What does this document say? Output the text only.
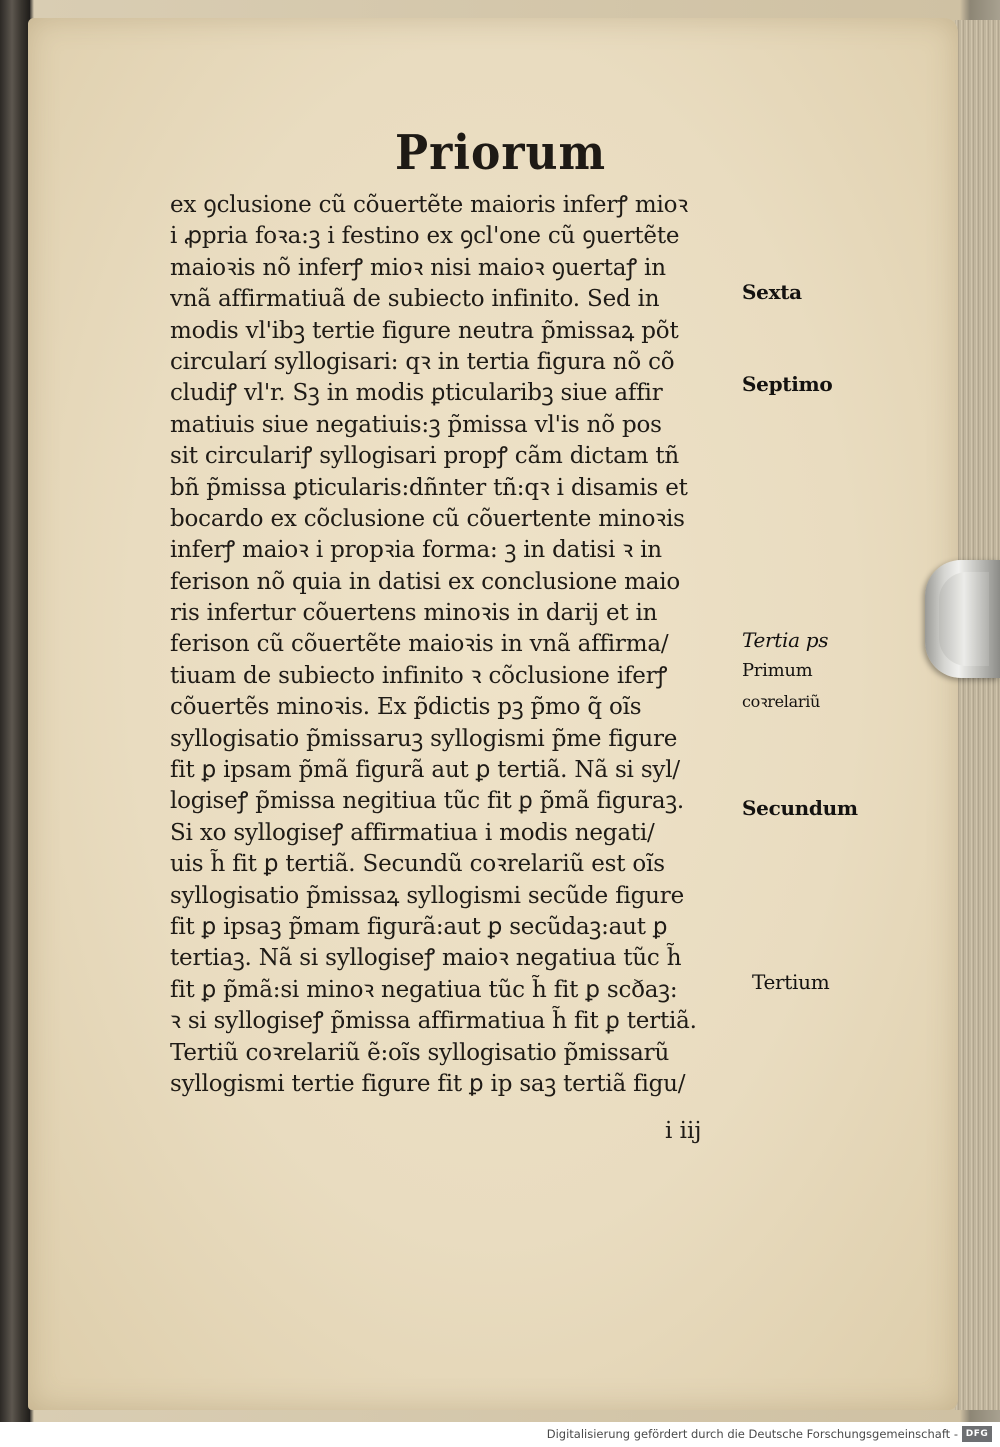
Priorum
ex ꝯclusione cũ cõuertẽte maioris inferꝭ mioꝛ
i ꝓpria foꝛa:ꝫ i festino ex ꝯcl'one cũ ꝯuertẽte
maioꝛis nõ inferꝭ mioꝛ nisi maioꝛ ꝯuertaꝭ in
vnã affirmatiuã de subiecto infinito. Sed in
modis vl'ibꝫ tertie figure neutra p̃missaꝝ põt
circularí syllogisari: qꝛ in tertia figura nõ cõ
cludiꝭ vl'r. Sꝫ in modis ꝑticularibꝫ siue affir
matiuis siue negatiuis:ꝫ p̃missa vl'is nõ pos
sit circulariꝭ syllogisari propꝭ cãm dictam tñ
bñ p̃missa ꝑticularis:dñnter tñ:qꝛ i disamis et
bocardo ex cõclusione cũ cõuertente minoꝛis
inferꝭ maioꝛ i propꝛia forma: ꝫ in datisi ꝛ in
ferison nõ quia in datisi ex conclusione maio
ris infertur cõuertens minoꝛis in darij et in
ferison cũ cõuertẽte maioꝛis in vnã affirma/
tiuam de subiecto infinito ꝛ cõclusione iferꝭ
cõuertẽs minoꝛis. Ex p̃dictis pꝫ p̃mo q̃ oĩs
syllogisatio p̃missaruꝫ syllogismi p̃me figure
fit ꝑ ipsam p̃mã figurã aut ꝑ tertiã. Nã si syl/
logiseꝭ p̃missa negitiua tũc fit ꝑ p̃mã figuraꝫ.
Si xo syllogiseꝭ affirmatiua i modis negati/
uis h̃ fit ꝑ tertiã. Secundũ coꝛrelariũ est oĩs
syllogisatio p̃missaꝝ syllogismi secũde figure
fit ꝑ ipsaꝫ p̃mam figurã:aut ꝑ secũdaꝫ:aut ꝑ
tertiaꝫ. Nã si syllogiseꝭ maioꝛ negatiua tũc h̃
fit ꝑ p̃mã:si minoꝛ negatiua tũc h̃ fit ꝑ scðaꝫ:
ꝛ si syllogiseꝭ p̃missa affirmatiua h̃ fit ꝑ tertiã.
Tertiũ coꝛrelariũ ẽ:oĩs syllogisatio p̃missarũ
syllogismi tertie figure fit ꝑ ip saꝫ tertiã figu/
i iij
Sexta
Septimo
Tertia ps
Primum
coꝛrelariũ
Secundum
Tertium
Digitalisierung gefördert durch die Deutsche Forschungsgemeinschaft - DFG
